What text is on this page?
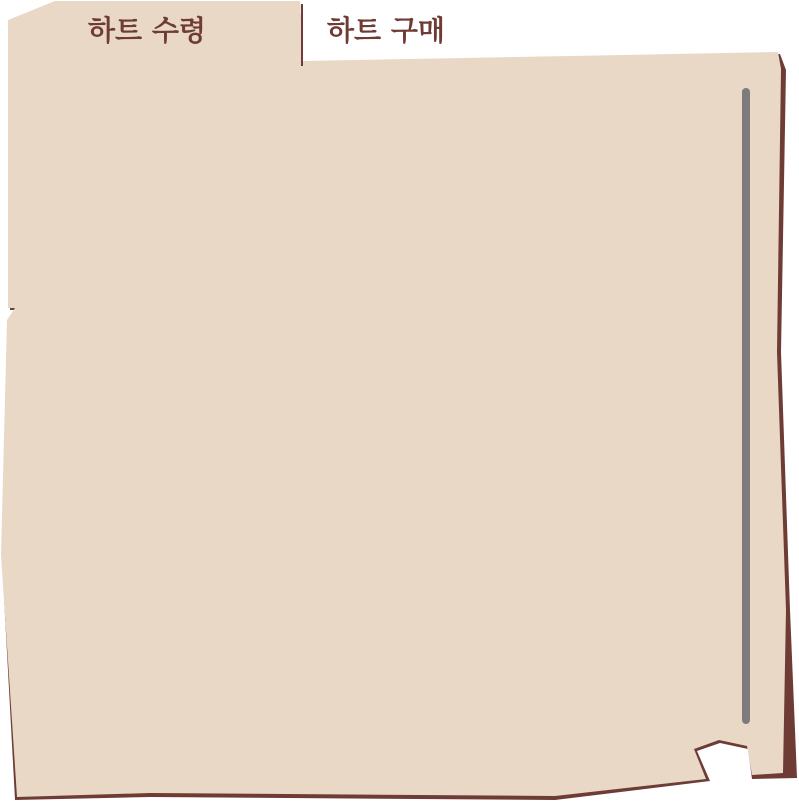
하트 수령	하트 구매
